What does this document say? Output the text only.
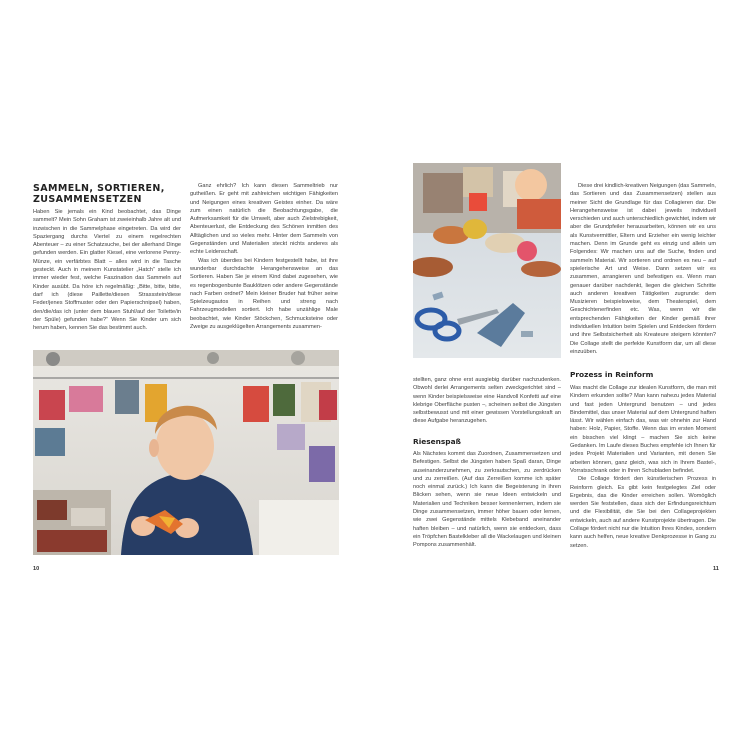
SAMMELN, SORTIEREN,
ZUSAMMENSETZEN

Haben Sie jemals ein Kind beobachtet, das Dinge sammelt? Mein Sohn Graham ist zweieinhalb Jahre alt und inzwischen in die Sammelphase eingetreten. Da wird der Spaziergang durchs Viertel zu einem regelrechten Abenteuer – zu einer Schatzsuche, bei der allerhand Dinge gefunden werden. Ein glatter Kiesel, eine verlorene Penny-Münze, ein verfärbtes Blatt – alles wird in die Tasche gesteckt. Auch in meinem Kunstatelier „Hatch“ stelle ich immer wieder fest, welche Faszination das Sammeln auf Kinder ausübt. Da höre ich regelmäßig: „Bitte, bitte, bitte, darf ich (diese Paillette/diesen Strassstein/diese Feder/jenes Stoffmuster oder den Papierschnipsel) haben, den/die/das ich (unter dem blauen Stuhl/auf der Toilette/in der Spüle) gefunden habe?“ Wenn Sie Kinder um sich herum haben, kennen Sie das bestimmt auch.

Ganz ehrlich? Ich kann diesen Sammeltrieb nur gutheißen. Er geht mit zahlreichen wichtigen Fähigkeiten und Neigungen eines kreativen Geistes einher. Da wäre zum einen natürlich die Beobachtungsgabe, die Aufmerksamkeit für die Umwelt, aber auch Zielstrebigkeit, Abenteuerlust, die Entdeckung des Schönen inmitten des Alltäglichen und so vieles mehr. Hinter dem Sammeln von Gegenständen und Materialien steckt nichts anderes als echte Leidenschaft.

Was ich überdies bei Kindern festgestellt habe, ist ihre wunderbar durchdachte Herangehensweise an das Sortieren. Haben Sie je einem Kind dabei zugesehen, wie es regenbogenbunte Bauklötzen oder andere Gegenstände nach Farben ordnet? Mein kleiner Bruder hat früher seine Spielzeugautos in Reihen und streng nach Fahrzeugmodellen sortiert. Ich habe unzählige Male beobachtet, wie Kinder Stöckchen, Schmucksteine oder Zweige zu ausgeklügelten Arrangements zusammen-

10

stellten, ganz ohne erst ausgiebig darüber nachzudenken. Obwohl derlei Arrangements selten zweckgerichtet sind – wenn Kinder beispielsweise eine Handvoll Konfetti auf eine klebrige Oberfläche pusten –, scheinen selbst die Jüngsten selbstbewusst und mit einer gewissen Vorstellungskraft an diese Aufgabe heranzugehen.

Riesenspaß

Als Nächstes kommt das Zuordnen, Zusammensetzen und Befestigen. Selbst die Jüngsten haben Spaß daran, Dinge auseinanderzunehmen, zu zerkrautschen, zu zerdrücken und zu zerreißen. (Auf das Zerreißen komme ich später noch einmal zurück.) Ich kann die Begeisterung in ihren Blicken sehen, wenn sie neue Ideen entwickeln und Materialien und Techniken besser kennenlernen, indem sie Dinge zusammensetzen, immer höher bauen oder lernen, wie zwei Gegenstände mittels Klebeband aneinander haften bleiben – und natürlich, wenn sie entdecken, dass ein Tröpfchen Bastelkleber all die Wackelaugen und kleinen Pompons zusammenhält.

Diese drei kindlich-kreativen Neigungen (das Sammeln, das Sortieren und das Zusammensetzen) stellen aus meiner Sicht die Grundlage für das Collagieren dar. Die Herangehensweise ist dabei jeweils individuell verschieden und auch unterschiedlich gewichtet, indem wir aber die Grundpfeiler herausarbeiten, können wir es uns als Kunstvermittler, Eltern und Erzieher ein wenig leichter machen. Denn im Grunde geht es einzig und allein um Folgendes: Wir machen uns auf die Suche, finden und sammeln Material. Wir sortieren und ordnen es neu – auf spielerische Art und Weise. Dann setzen wir es zusammen, arrangieren und befestigen es. Wenn man genauer darüber nachdenkt, liegen die gleichen Schritte auch anderen kreativen Tätigkeiten zugrunde: dem Musizieren beispielsweise, dem Theaterspiel, dem Geschichtenerfinden etc. Was, wenn wir die entsprechenden Fähigkeiten der Kinder gemäß ihrer individuellen Intuition beim Spielen und Entdecken fördern und ihre Selbstsicherheit als Kreateure steigern könnten? Die Collage stellt die perfekte Kunstform dar, um all diese einzuüben.

Prozess in Reinform

Was macht die Collage zur idealen Kunstform, die man mit Kindern erkunden sollte? Man kann nahezu jedes Material und fast jeden Untergrund benutzen – und jedes Bindemittel, das unser Material auf dem Untergrund haften lässt. Wir wählen einfach das, was wir ohnehin zur Hand haben: Holz, Papier, Stoffe. Wenn das im ersten Moment ein bisschen viel klingt – machen Sie sich keine Gedanken. Im Laufe dieses Buches empfehle ich Ihnen für jedes Projekt Materialien und Varianten, mit denen Sie arbeiten können, ganz gleich, was sich in Ihrem Bastel-, Vorratsschrank oder in Ihren Schubladen befindet.

Die Collage fördert den künstlerischen Prozess in Reinform gleich. Es gibt kein festgelegtes Ziel oder Ergebnis, das die Kinder erreichen sollen. Womöglich werden Sie feststellen, dass sich der Erfindungsreichtum und die Flexibilität, die Sie bei den Collageprojekten entwickeln, auch auf andere Kunstprojekte übertragen. Die Collage fördert nicht nur die Intuition Ihres Kindes, sondern kann auch helfen, neue kreative Denkprozesse in Gang zu setzen.

11
